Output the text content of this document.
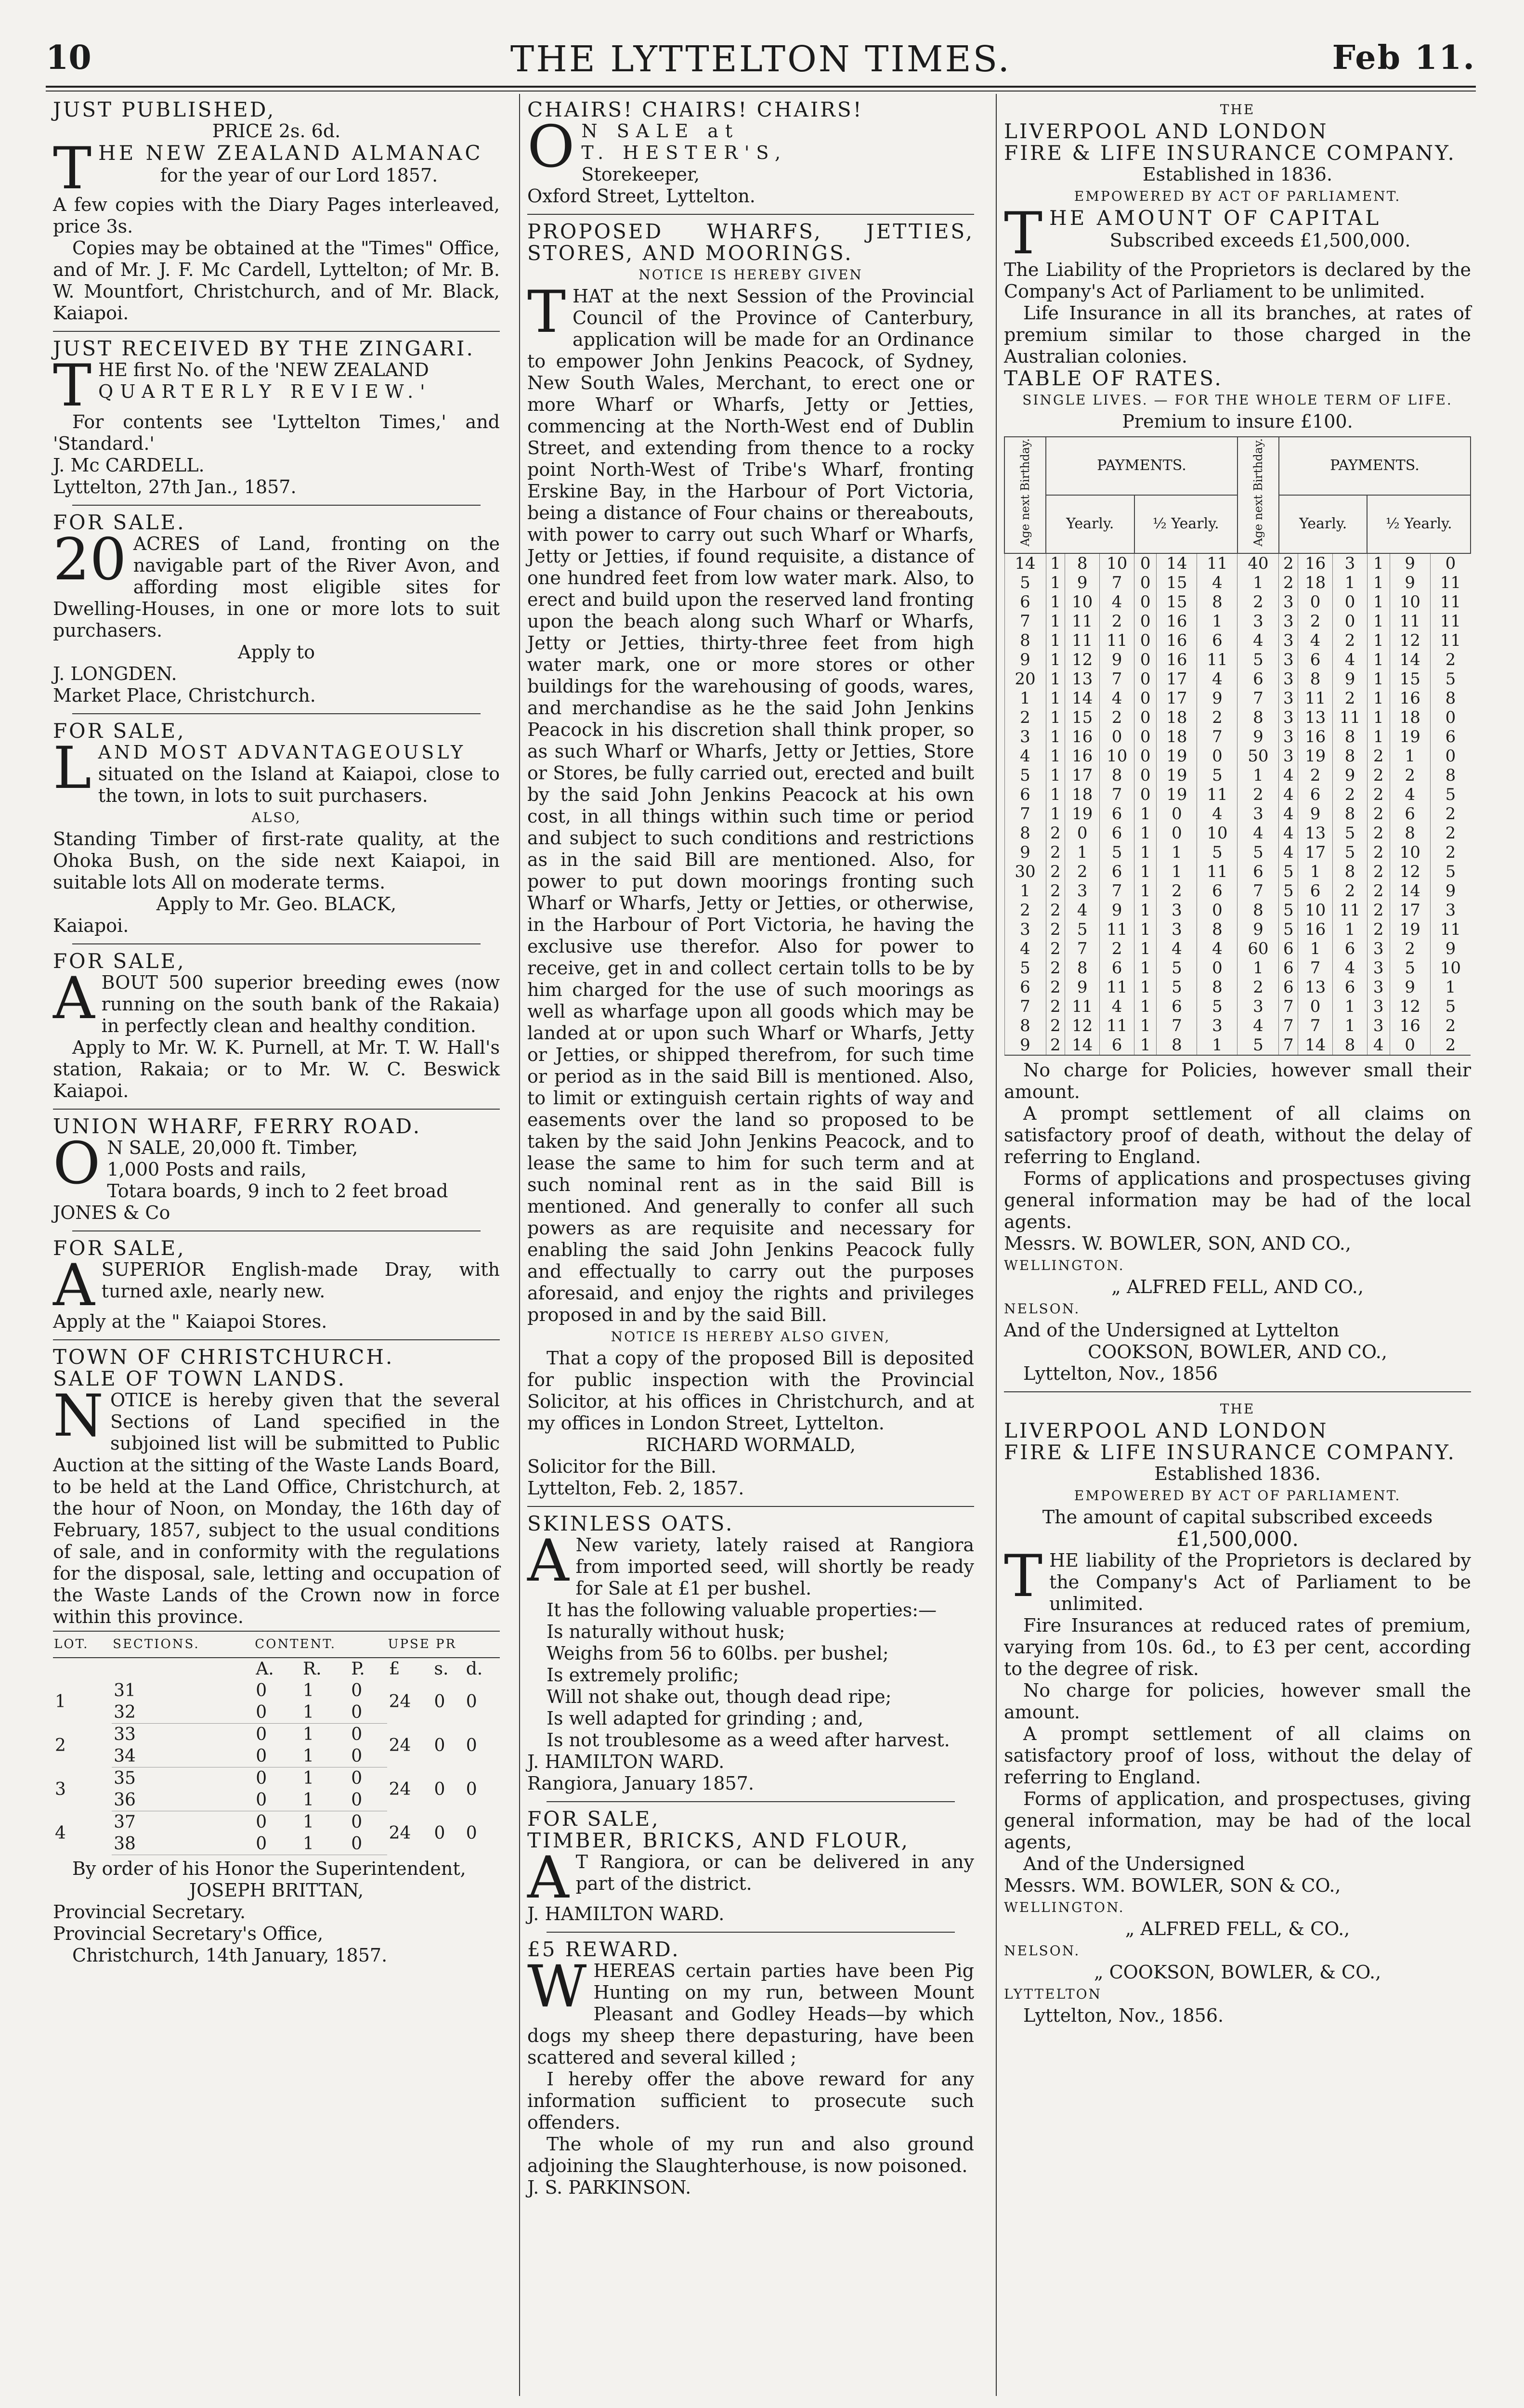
10	THE LYTTELTON TIMES.	Feb 11.

JUST PUBLISHED,

PRICE 2s. 6d.

THE NEW ZEALAND ALMANAC

for the year of our Lord 1857.

A few copies with the Diary Pages interleaved, price 3s.

Copies may be obtained at the "Times" Office, and of Mr. J. F. Mc Cardell, Lyttelton; of Mr. B. W. Mountfort, Christchurch, and of Mr. Black, Kaiapoi.

JUST RECEIVED BY THE ZINGARI.

THE first No. of the 'NEW ZEALAND

QUARTERLY REVIEW.'

For contents see 'Lyttelton Times,' and 'Standard.'

J. Mc CARDELL.

Lyttelton, 27th Jan., 1857.

FOR SALE.

20 ACRES of Land, fronting on the navigable part of the River Avon, and affording most eligible sites for Dwelling-Houses, in one or more lots to suit purchasers.

Apply to

J. LONGDEN.

Market Place, Christchurch.

FOR SALE,

LAND MOST ADVANTAGEOUSLY

situated on the Island at Kaiapoi, close to the town, in lots to suit purchasers.

ALSO,

Standing Timber of first-rate quality, at the Ohoka Bush, on the side next Kaiapoi, in suitable lots All on moderate terms.

Apply to Mr. Geo. BLACK,

Kaiapoi.

FOR SALE,

ABOUT 500 superior breeding ewes (now running on the south bank of the Rakaia) in perfectly clean and healthy condition.

Apply to Mr. W. K. Purnell, at Mr. T. W. Hall's station, Rakaia; or to Mr. W. C. Beswick Kaiapoi.

UNION WHARF, FERRY ROAD.

O N SALE, 20,000 ft. Timber,

1,000 Posts and rails,

Totara boards, 9 inch to 2 feet broad

JONES & Co

FOR SALE,

ASUPERIOR English-made Dray, with turned axle, nearly new.

Apply at the " Kaiapoi Stores.

TOWN OF CHRISTCHURCH.

SALE OF TOWN LANDS.

NOTICE is hereby given that the several Sections of Land specified in the subjoined list will be submitted to Public Auction at the sitting of the Waste Lands Board, to be held at the Land Office, Christchurch, at the hour of Noon, on Monday, the 16th day of February, 1857, subject to the usual conditions of sale, and in conformity with the regulations for the disposal, sale, letting and occupation of the Waste Lands of the Crown now in force within this province.

LOT.	SECTIONS.	CONTENT.			UPSE PR		
		A.	R.	P.	£	s.	d.
1	31	0	1	0	24	0	0
	32	0	1	0			
2	33	0	1	0	24	0	0
	34	0	1	0			
3	35	0	1	0	24	0	0
	36	0	1	0			
4	37	0	1	0	24	0	0
	38	0	1	0			

By order of his Honor the Superintendent,

JOSEPH BRITTAN,

Provincial Secretary.

Provincial Secretary's Office,

Christchurch, 14th January, 1857.

CHAIRS! CHAIRS! CHAIRS!

O N SALE at

T. HESTER'S,

Storekeeper,

Oxford Street, Lyttelton.

PROPOSED WHARFS, JETTIES, STORES, AND MOORINGS.

NOTICE IS HEREBY GIVEN

THAT at the next Session of the Provincial Council of the Province of Canterbury, application will be made for an Ordinance to empower John Jenkins Peacock, of Sydney, New South Wales, Merchant, to erect one or more Wharf or Wharfs, Jetty or Jetties, commencing at the North-West end of Dublin Street, and extending from thence to a rocky point North-West of Tribe's Wharf, fronting Erskine Bay, in the Harbour of Port Victoria, being a distance of Four chains or thereabouts, with power to carry out such Wharf or Wharfs, Jetty or Jetties, if found requisite, a distance of one hundred feet from low water mark. Also, to erect and build upon the reserved land fronting upon the beach along such Wharf or Wharfs, Jetty or Jetties, thirty-three feet from high water mark, one or more stores or other buildings for the warehousing of goods, wares, and merchandise as he the said John Jenkins Peacock in his discretion shall think proper, so as such Wharf or Wharfs, Jetty or Jetties, Store or Stores, be fully carried out, erected and built by the said John Jenkins Peacock at his own cost, in all things within such time or period and subject to such conditions and restrictions as in the said Bill are mentioned. Also, for power to put down moorings fronting such Wharf or Wharfs, Jetty or Jetties, or otherwise, in the Harbour of Port Victoria, he having the exclusive use therefor. Also for power to receive, get in and collect certain tolls to be by him charged for the use of such moorings as well as wharfage upon all goods which may be landed at or upon such Wharf or Wharfs, Jetty or Jetties, or shipped therefrom, for such time or period as in the said Bill is mentioned. Also, to limit or extinguish certain rights of way and easements over the land so proposed to be taken by the said John Jenkins Peacock, and to lease the same to him for such term and at such nominal rent as in the said Bill is mentioned. And generally to confer all such powers as are requisite and necessary for enabling the said John Jenkins Peacock fully and effectually to carry out the purposes aforesaid, and enjoy the rights and privileges proposed in and by the said Bill.

NOTICE IS HEREBY ALSO GIVEN,

That a copy of the proposed Bill is deposited for public inspection with the Provincial Solicitor, at his offices in Christchurch, and at my offices in London Street, Lyttelton.

RICHARD WORMALD,

Solicitor for the Bill.

Lyttelton, Feb. 2, 1857.

SKINLESS OATS.

A New variety, lately raised at Rangiora from imported seed, will shortly be ready for Sale at £1 per bushel.

It has the following valuable properties:—

Is naturally without husk;

Weighs from 56 to 60lbs. per bushel;

Is extremely prolific;

Will not shake out, though dead ripe;

Is well adapted for grinding ; and,

Is not troublesome as a weed after harvest.

J. HAMILTON WARD.

Rangiora, January 1857.

FOR SALE,

TIMBER, BRICKS, AND FLOUR,

A T Rangiora, or can be delivered in any part of the district.

J. HAMILTON WARD.

£5 REWARD.

WHEREAS certain parties have been Pig Hunting on my run, between Mount Pleasant and Godley Heads—by which dogs my sheep there depasturing, have been scattered and several killed ;

I hereby offer the above reward for any information sufficient to prosecute such offenders.

The whole of my run and also ground adjoining the Slaughterhouse, is now poisoned.

J. S. PARKINSON.

THE

LIVERPOOL AND LONDON

FIRE & LIFE INSURANCE COMPANY.

Established in 1836.

EMPOWERED BY ACT OF PARLIAMENT.

THE AMOUNT OF CAPITAL

Subscribed exceeds £1,500,000.

The Liability of the Proprietors is declared by the Company's Act of Parliament to be unlimited.

Life Insurance in all its branches, at rates of premium similar to those charged in the Australian colonies.

TABLE OF RATES.

SINGLE LIVES. — FOR THE WHOLE TERM OF LIFE.

Premium to insure £100.

Age next Birthday.	PAYMENTS.						Age next Birthday.	PAYMENTS.					
	Yearly.			½ Yearly.				Yearly.			½ Yearly.		
14	1	8	10	0	14	11	40	2	16	3	1	9	0
5	1	9	7	0	15	4	1	2	18	1	1	9	11
6	1	10	4	0	15	8	2	3	0	0	1	10	11
7	1	11	2	0	16	1	3	3	2	0	1	11	11
8	1	11	11	0	16	6	4	3	4	2	1	12	11
9	1	12	9	0	16	11	5	3	6	4	1	14	2
20	1	13	7	0	17	4	6	3	8	9	1	15	5
1	1	14	4	0	17	9	7	3	11	2	1	16	8
2	1	15	2	0	18	2	8	3	13	11	1	18	0
3	1	16	0	0	18	7	9	3	16	8	1	19	6
4	1	16	10	0	19	0	50	3	19	8	2	1	0
5	1	17	8	0	19	5	1	4	2	9	2	2	8
6	1	18	7	0	19	11	2	4	6	2	2	4	5
7	1	19	6	1	0	4	3	4	9	8	2	6	2
8	2	0	6	1	0	10	4	4	13	5	2	8	2
9	2	1	5	1	1	5	5	4	17	5	2	10	2
30	2	2	6	1	1	11	6	5	1	8	2	12	5
1	2	3	7	1	2	6	7	5	6	2	2	14	9
2	2	4	9	1	3	0	8	5	10	11	2	17	3
3	2	5	11	1	3	8	9	5	16	1	2	19	11
4	2	7	2	1	4	4	60	6	1	6	3	2	9
5	2	8	6	1	5	0	1	6	7	4	3	5	10
6	2	9	11	1	5	8	2	6	13	6	3	9	1
7	2	11	4	1	6	5	3	7	0	1	3	12	5
8	2	12	11	1	7	3	4	7	7	1	3	16	2
9	2	14	6	1	8	1	5	7	14	8	4	0	2

No charge for Policies, however small their amount.

A prompt settlement of all claims on satisfactory proof of death, without the delay of referring to England.

Forms of applications and prospectuses giving general information may be had of the local agents.

Messrs. W. BOWLER, SON, AND CO.,

WELLINGTON.

„ ALFRED FELL, AND CO.,

NELSON.

And of the Undersigned at Lyttelton

COOKSON, BOWLER, AND CO.,

Lyttelton, Nov., 1856

THE

LIVERPOOL AND LONDON

FIRE & LIFE INSURANCE COMPANY.

Established 1836.

EMPOWERED BY ACT OF PARLIAMENT.

The amount of capital subscribed exceeds

£1,500,000.

THE liability of the Proprietors is declared by the Company's Act of Parliament to be unlimited.

Fire Insurances at reduced rates of premium, varying from 10s. 6d., to £3 per cent, according to the degree of risk.

No charge for policies, however small the amount.

A prompt settlement of all claims on satisfactory proof of loss, without the delay of referring to England.

Forms of application, and prospectuses, giving general information, may be had of the local agents,

And of the Undersigned

Messrs. WM. BOWLER, SON & CO.,

WELLINGTON.

„ ALFRED FELL, & CO.,

NELSON.

„ COOKSON, BOWLER, & CO.,

LYTTELTON

Lyttelton, Nov., 1856.
